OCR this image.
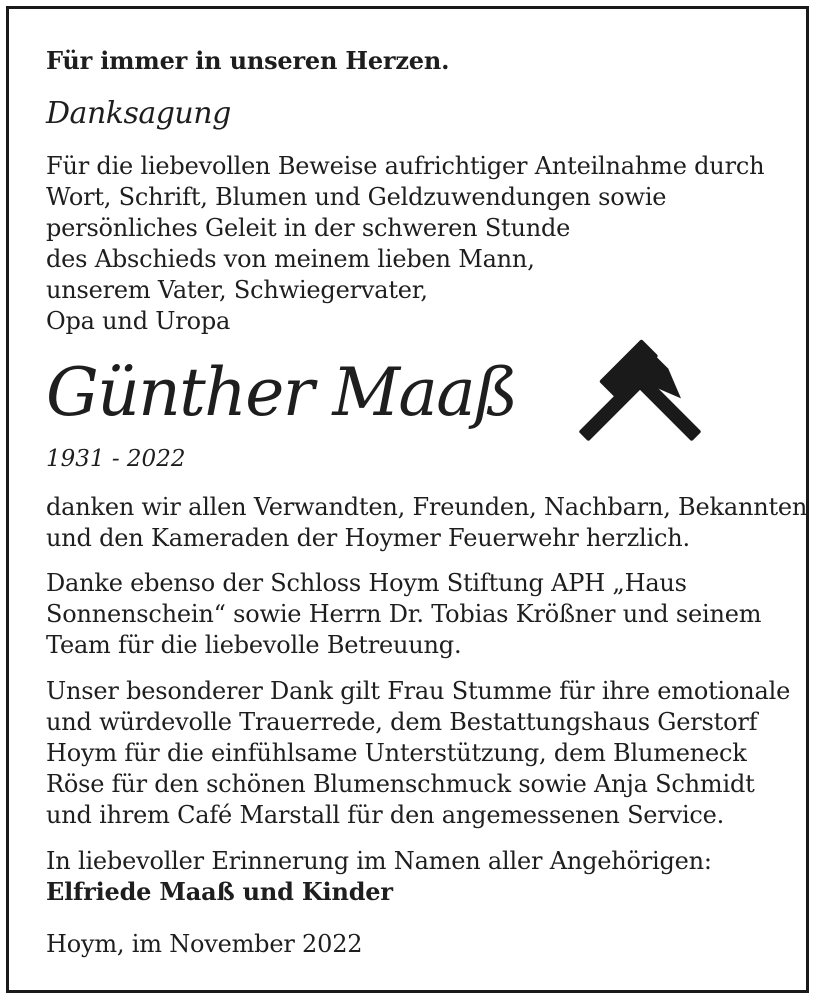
Für immer in unseren Herzen.
Danksagung
Für die liebevollen Beweise aufrichtiger Anteilnahme durch
Wort, Schrift, Blumen und Geldzuwendungen sowie
persönliches Geleit in der schweren Stunde
des Abschieds von meinem lieben Mann,
unserem Vater, Schwiegervater,
Opa und Uropa
Günther Maaß
1931 - 2022
danken wir allen Verwandten, Freunden, Nachbarn, Bekannten
und den Kameraden der Hoymer Feuerwehr herzlich.
Danke ebenso der Schloss Hoym Stiftung APH „Haus
Sonnenschein“ sowie Herrn Dr. Tobias Krößner und seinem
Team für die liebevolle Betreuung.
Unser besonderer Dank gilt Frau Stumme für ihre emotionale
und würdevolle Trauerrede, dem Bestattungshaus Gerstorf
Hoym für die einfühlsame Unterstützung, dem Blumeneck
Röse für den schönen Blumenschmuck sowie Anja Schmidt
und ihrem Café Marstall für den angemessenen Service.
In liebevoller Erinnerung im Namen aller Angehörigen:
Elfriede Maaß und Kinder
Hoym, im November 2022
